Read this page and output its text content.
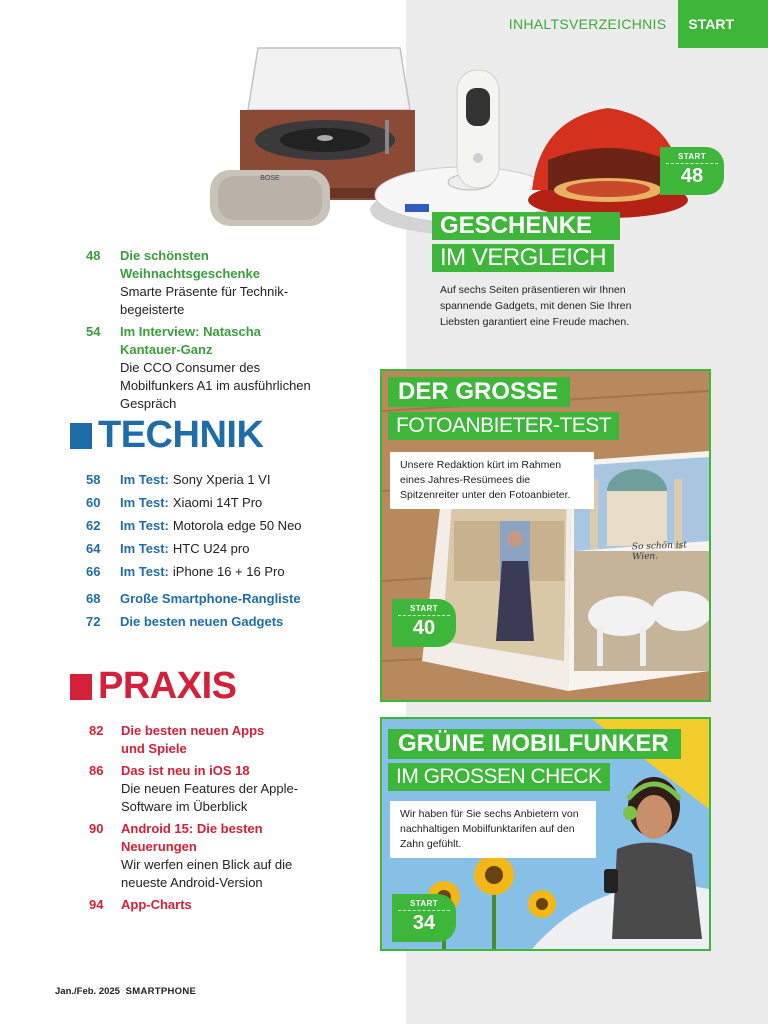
INHALTSVERZEICHNIS	START
BOSE
START
48
GESCHENKE
IM VERGLEICH
Auf sechs Seiten präsentieren wir Ihnen spannende Gadgets, mit denen Sie Ihren Liebsten garantiert eine Freude machen.
48	Die schönsten Weihnachtsgeschenke
Smarte Präsente für Technik-begeisterte
54	Im Interview: Natascha Kantauer-Ganz
Die CCO Consumer des Mobilfunkers A1 im ausführlichen Gespräch
TECHNIK
58	Im Test: Sony Xperia 1 VI
60	Im Test: Xiaomi 14T Pro
62	Im Test: Motorola edge 50 Neo
64	Im Test: HTC U24 pro
66	Im Test: iPhone 16 + 16 Pro
68	Große Smartphone-Rangliste
72	Die besten neuen Gadgets
PRAXIS
82	Die besten neuen Apps und Spiele
86	Das ist neu in iOS 18
Die neuen Features der Apple-Software im Überblick
90	Android 15: Die besten Neuerungen
Wir werfen einen Blick auf die neueste Android-Version
94	App-Charts
DER GROSSE
FOTOANBIETER-TEST
Unsere Redaktion kürt im Rahmen eines Jahres-Resümees die Spitzenreiter unter den Fotoanbieter.
So schön ist Wien.
START
40
GRÜNE MOBILFUNKER
IM GROSSEN CHECK
Wir haben für Sie sechs Anbietern von nachhaltigen Mobilfunktarifen auf den Zahn gefühlt.
START
34
Jan./Feb. 2025 SMARTPHONE
